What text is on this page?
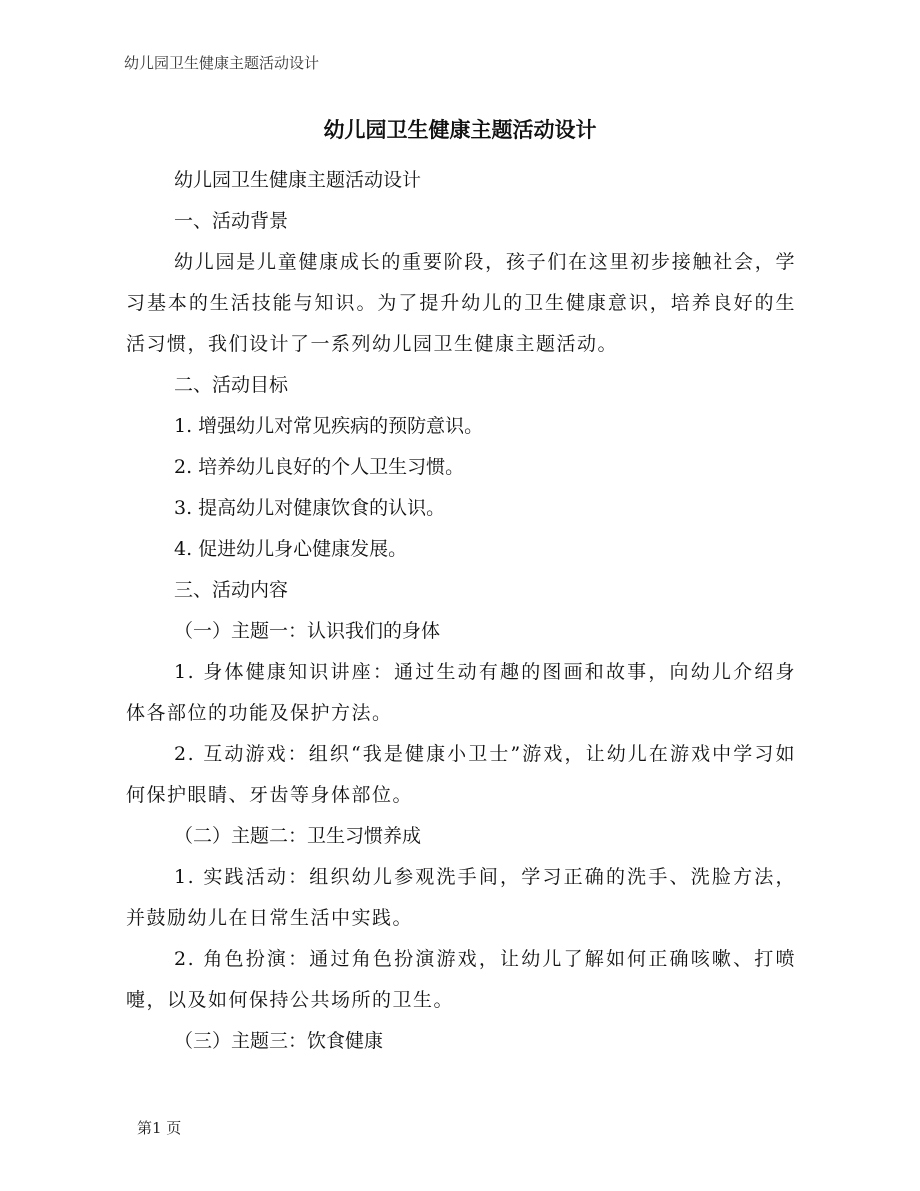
幼儿园卫生健康主题活动设计
幼儿园卫生健康主题活动设计

幼儿园卫生健康主题活动设计

一、活动背景

幼儿园是儿童健康成长的重要阶段，孩子们在这里初步接触社会，学习基本的生活技能与知识。为了提升幼儿的卫生健康意识，培养良好的生活习惯，我们设计了一系列幼儿园卫生健康主题活动。

二、活动目标

1. 增强幼儿对常见疾病的预防意识。

2. 培养幼儿良好的个人卫生习惯。

3. 提高幼儿对健康饮食的认识。

4. 促进幼儿身心健康发展。

三、活动内容

（一）主题一：认识我们的身体

1. 身体健康知识讲座：通过生动有趣的图画和故事，向幼儿介绍身体各部位的功能及保护方法。

2. 互动游戏：组织“我是健康小卫士”游戏，让幼儿在游戏中学习如何保护眼睛、牙齿等身体部位。

（二）主题二：卫生习惯养成

1. 实践活动：组织幼儿参观洗手间，学习正确的洗手、洗脸方法，并鼓励幼儿在日常生活中实践。

2. 角色扮演：通过角色扮演游戏，让幼儿了解如何正确咳嗽、打喷嚏，以及如何保持公共场所的卫生。

（三）主题三：饮食健康

第1 页
